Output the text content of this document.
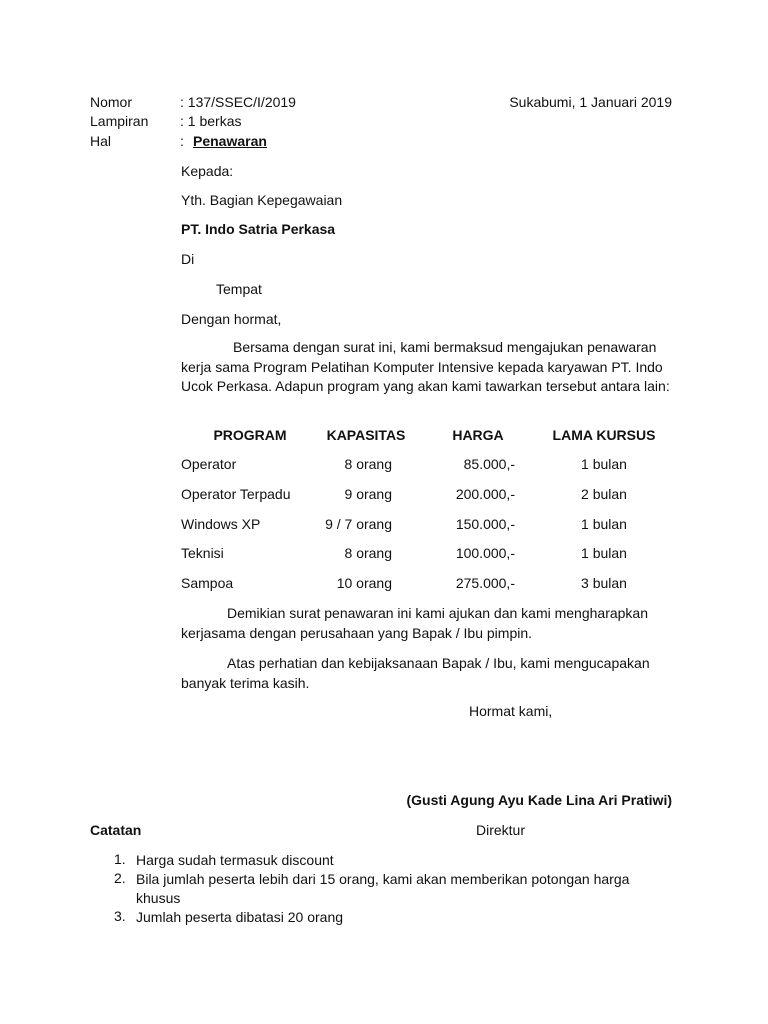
Nomor	: 137/SSEC/I/2019	Sukabumi, 1 Januari 2019
Lampiran : 1 berkas
Hal	: Penawaran
Kepada:
Yth. Bagian Kepegawaian
PT. Indo Satria Perkasa
Di
Tempat
Dengan hormat,
Bersama dengan surat ini, kami bermaksud mengajukan penawaran kerja sama Program Pelatihan Komputer Intensive kepada karyawan PT. Indo Ucok Perkasa. Adapun program yang akan kami tawarkan tersebut antara lain:
PROGRAM	KAPASITAS	HARGA	LAMA KURSUS
Operator	8 orang	85.000,-	1 bulan
Operator Terpadu	9 orang	200.000,-	2 bulan
Windows XP	9 / 7 orang	150.000,-	1 bulan
Teknisi	8 orang	100.000,-	1 bulan
Sampoa	10 orang	275.000,-	3 bulan
Demikian surat penawaran ini kami ajukan dan kami mengharapkan kerjasama dengan perusahaan yang Bapak / Ibu pimpin.
Atas perhatian dan kebijaksanaan Bapak / Ibu, kami mengucapakan banyak terima kasih.
Hormat kami,
(Gusti Agung Ayu Kade Lina Ari Pratiwi)
Direktur
Catatan
1. Harga sudah termasuk discount
2. Bila jumlah peserta lebih dari 15 orang, kami akan memberikan potongan harga khusus
3. Jumlah peserta dibatasi 20 orang
